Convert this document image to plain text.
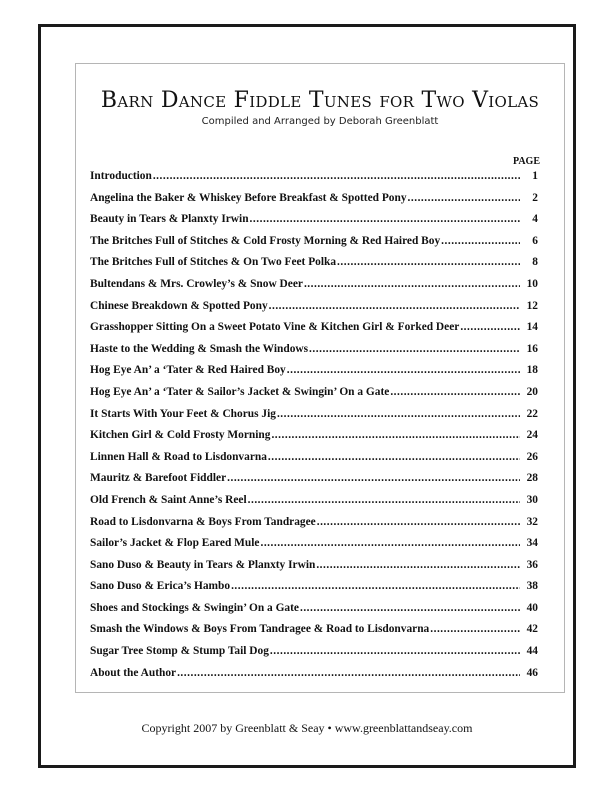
Barn Dance Fiddle Tunes for Two Violas
Compiled and Arranged by Deborah Greenblatt
PAGE
Introduction .....	1
Angelina the Baker & Whiskey Before Breakfast & Spotted Pony .....	2
Beauty in Tears & Planxty Irwin .....	4
The Britches Full of Stitches & Cold Frosty Morning & Red Haired Boy .....	6
The Britches Full of Stitches & On Two Feet Polka .....	8
Bultendans & Mrs. Crowley’s & Snow Deer .....	10
Chinese Breakdown & Spotted Pony .....	12
Grasshopper Sitting On a Sweet Potato Vine & Kitchen Girl & Forked Deer .....	14
Haste to the Wedding & Smash the Windows .....	16
Hog Eye An’ a ‘Tater & Red Haired Boy .....	18
Hog Eye An’ a ‘Tater & Sailor’s Jacket & Swingin’ On a Gate .....	20
It Starts With Your Feet & Chorus Jig .....	22
Kitchen Girl & Cold Frosty Morning .....	24
Linnen Hall & Road to Lisdonvarna .....	26
Mauritz & Barefoot Fiddler .....	28
Old French & Saint Anne’s Reel .....	30
Road to Lisdonvarna & Boys From Tandragee .....	32
Sailor’s Jacket & Flop Eared Mule .....	34
Sano Duso & Beauty in Tears & Planxty Irwin .....	36
Sano Duso & Erica’s Hambo .....	38
Shoes and Stockings & Swingin’ On a Gate .....	40
Smash the Windows & Boys From Tandragee & Road to Lisdonvarna .....	42
Sugar Tree Stomp & Stump Tail Dog .....	44
About the Author .....	46
Copyright 2007 by Greenblatt & Seay • www.greenblattandseay.com
